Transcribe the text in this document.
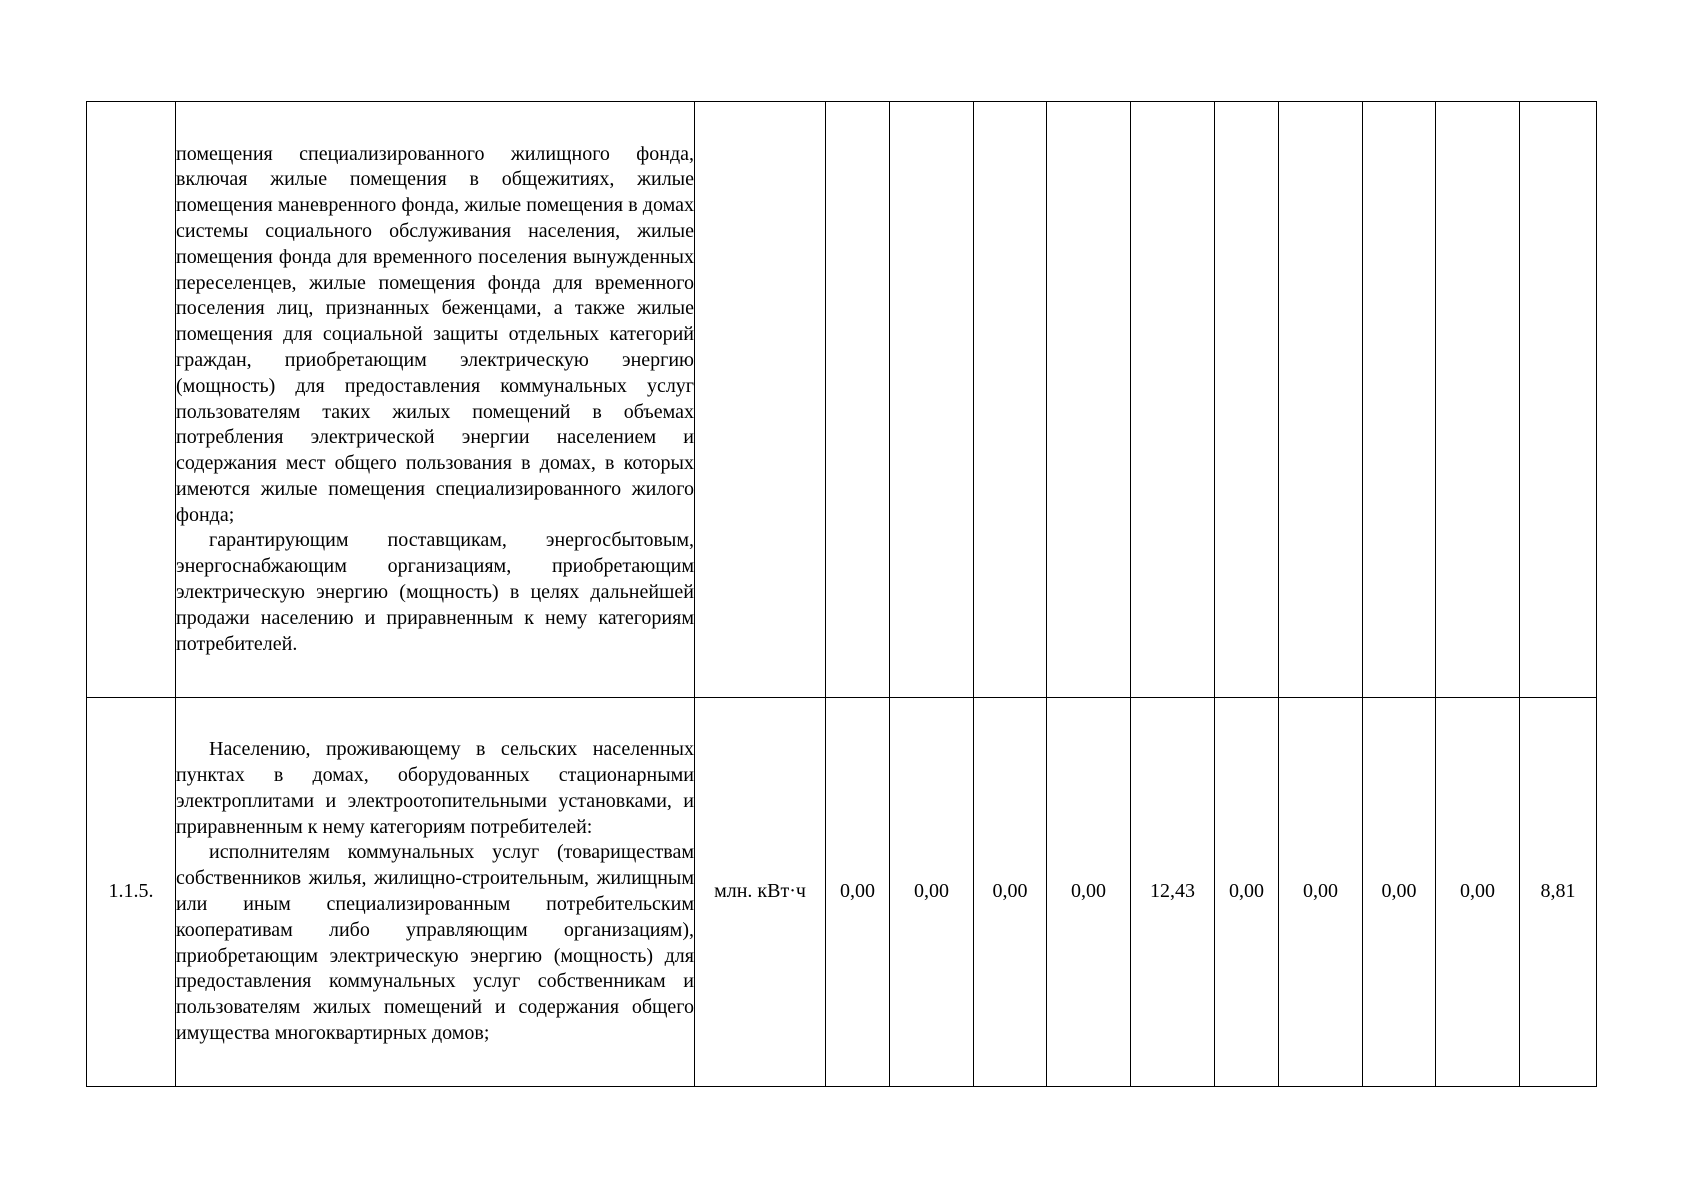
	помещения специализированного жилищного фонда, включая жилые помещения в общежитиях, жилые помещения маневренного фонда, жилые помещения в домах системы социального обслуживания населения, жилые помещения фонда для временного поселения вынужденных переселенцев, жилые помещения фонда для временного поселения лиц, признанных беженцами, а также жилые помещения для социальной защиты отдельных категорий граждан, приобретающим электрическую энергию (мощность) для предоставления коммунальных услуг пользователям таких жилых помещений в объемах потребления электрической энергии населением и содержания мест общего пользования в домах, в которых имеются жилые помещения специализированного жилого фонда;

гарантирующим поставщикам, энергосбытовым, энергоснабжающим организациям, приобретающим электрическую энергию (мощность) в целях дальнейшей продажи населению и приравненным к нему категориям потребителей.											

1.1.5.	Населению, проживающему в сельских населенных пунктах в домах, оборудованных стационарными электроплитами и электроотопительными установками, и приравненным к нему категориям потребителей:

исполнителям коммунальных услуг (товариществам собственников жилья, жилищно-строительным, жилищным или иным специализированным потребительским кооперативам либо управляющим организациям), приобретающим электрическую энергию (мощность) для предоставления коммунальных услуг собственникам и пользователям жилых помещений и содержания общего имущества многоквартирных домов;	млн. кВт·ч	0,00	0,00	0,00	0,00	12,43	0,00	0,00	0,00	0,00	8,81
